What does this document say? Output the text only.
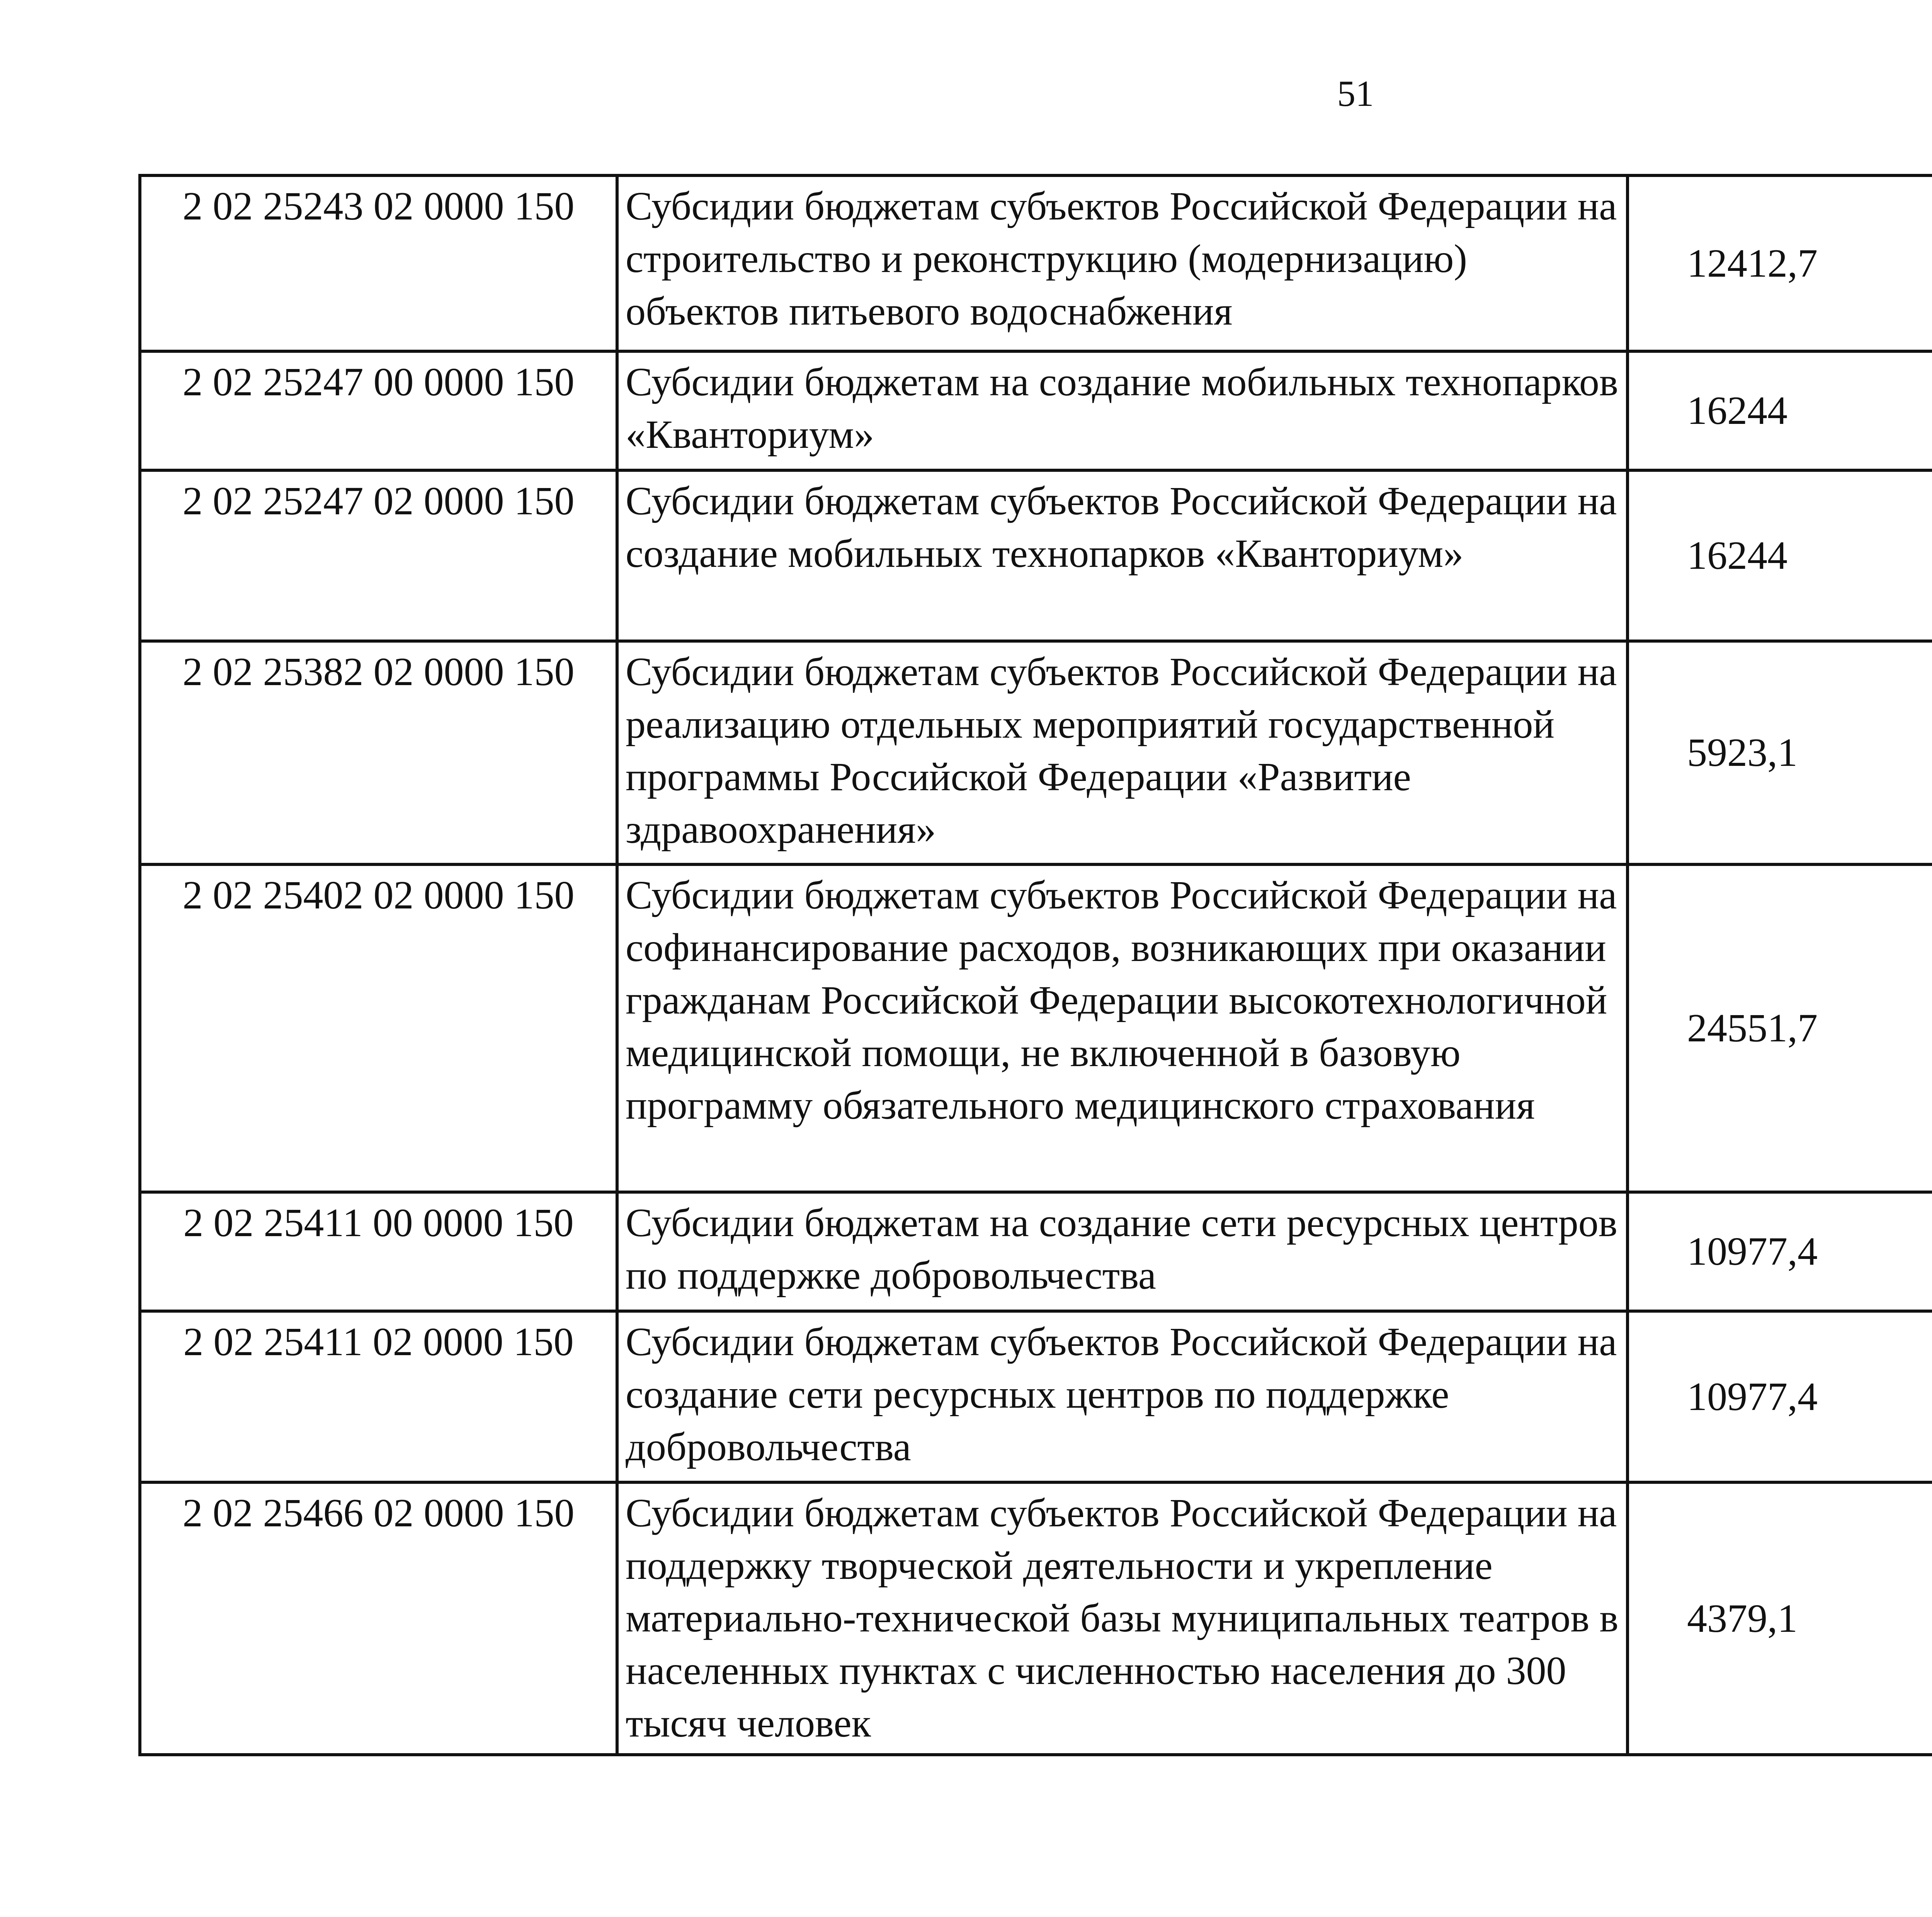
51
2 02 25243 02 0000 150	Субсидии бюджетам субъектов Российской Федерации на строительство и реконструкцию (модернизацию) объектов питьевого водоснабжения	12412,7		
2 02 25247 00 0000 150	Субсидии бюджетам на создание мобильных технопарков «Кванториум»	16244		
2 02 25247 02 0000 150	Субсидии бюджетам субъектов Российской Федерации на создание мобильных технопарков «Кванториум»	16244		
2 02 25382 02 0000 150	Субсидии бюджетам субъектов Российской Федерации на реализацию отдельных мероприятий государственной программы Российской Федерации «Развитие здравоохранения»	5923,1		
2 02 25402 02 0000 150	Субсидии бюджетам субъектов Российской Федерации на софинансирование расходов, возникающих при оказании гражданам Российской Федерации высокотехнологичной медицинской помощи, не включенной в базовую программу обязательного медицинского страхования	24551,7		
2 02 25411 00 0000 150	Субсидии бюджетам на создание сети ресурсных центров по поддержке добровольчества	10977,4		
2 02 25411 02 0000 150	Субсидии бюджетам субъектов Российской Федерации на создание сети ресурсных центров по поддержке добровольчества	10977,4		
2 02 25466 02 0000 150	Субсидии бюджетам субъектов Российской Федерации на поддержку творческой деятельности и укрепление материально-технической базы муниципальных театров в населенных пунктах с численностью населения до 300 тысяч человек	4379,1		
